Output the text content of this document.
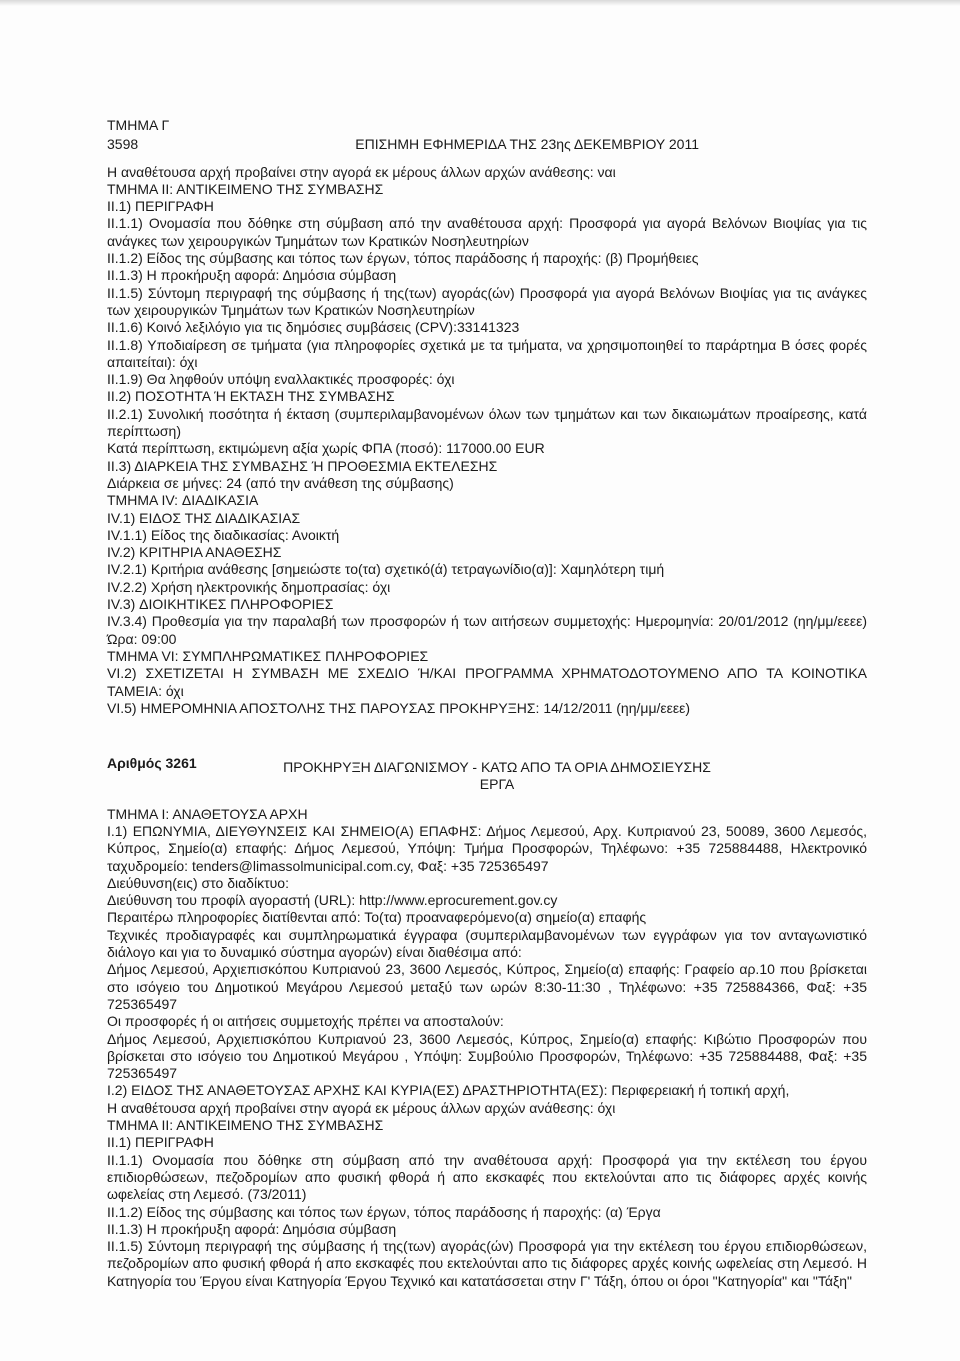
ΤΜΗΜΑ Γ
3598	ΕΠΙΣΗΜΗ ΕΦΗΜΕΡΙΔΑ ΤΗΣ 23ης ΔΕΚΕΜΒΡΙΟΥ 2011
Η αναθέτουσα αρχή προβαίνει στην αγορά εκ μέρους άλλων αρχών ανάθεσης: ναι
ΤΜΗΜΑ ΙΙ: ΑΝΤΙΚΕΙΜΕΝΟ ΤΗΣ ΣΥΜΒΑΣΗΣ
ΙΙ.1) ΠΕΡΙΓΡΑΦΗ
ΙΙ.1.1) Ονομασία που δόθηκε στη σύμβαση από την αναθέτουσα αρχή: Προσφορά για αγορά Βελόνων Βιοψίας για τις ανάγκες των χειρουργικών Τμημάτων των Κρατικών Νοσηλευτηρίων
ΙΙ.1.2) Είδος της σύμβασης και τόπος των έργων, τόπος παράδοσης ή παροχής: (β) Προμήθειες
ΙΙ.1.3) Η προκήρυξη αφορά: Δημόσια σύμβαση
ΙΙ.1.5) Σύντομη περιγραφή της σύμβασης ή της(των) αγοράς(ών) Προσφορά για αγορά Βελόνων Βιοψίας για τις ανάγκες των χειρουργικών Τμημάτων των Κρατικών Νοσηλευτηρίων
ΙΙ.1.6) Κοινό λεξιλόγιο για τις δημόσιες συμβάσεις (CPV):33141323
ΙΙ.1.8) Υποδιαίρεση σε τμήματα (για πληροφορίες σχετικά με τα τμήματα, να χρησιμοποιηθεί το παράρτημα Β όσες φορές απαιτείται): όχι
ΙΙ.1.9) Θα ληφθούν υπόψη εναλλακτικές προσφορές: όχι
ΙΙ.2) ΠΟΣΟΤΗΤΑ Ή ΕΚΤΑΣΗ ΤΗΣ ΣΥΜΒΑΣΗΣ
ΙΙ.2.1) Συνολική ποσότητα ή έκταση (συμπεριλαμβανομένων όλων των τμημάτων και των δικαιωμάτων προαίρεσης, κατά περίπτωση)
Κατά περίπτωση, εκτιμώμενη αξία χωρίς ΦΠΑ (ποσό): 117000.00 EUR
ΙΙ.3) ΔΙΑΡΚΕΙΑ ΤΗΣ ΣΥΜΒΑΣΗΣ Ή ΠΡΟΘΕΣΜΙΑ ΕΚΤΕΛΕΣΗΣ
Διάρκεια σε μήνες: 24 (από την ανάθεση της σύμβασης)
ΤΜΗΜΑ IV: ΔΙΑΔΙΚΑΣΙΑ
IV.1) ΕΙΔΟΣ ΤΗΣ ΔΙΑΔΙΚΑΣΙΑΣ
IV.1.1) Είδος της διαδικασίας: Ανοικτή
IV.2) ΚΡΙΤΗΡΙΑ ΑΝΑΘΕΣΗΣ
IV.2.1) Κριτήρια ανάθεσης [σημειώστε το(τα) σχετικό(ά) τετραγωνίδιο(α)]: Χαμηλότερη τιμή
IV.2.2) Χρήση ηλεκτρονικής δημοπρασίας: όχι
IV.3) ΔΙΟΙΚΗΤΙΚΕΣ ΠΛΗΡΟΦΟΡΙΕΣ
IV.3.4) Προθεσμία για την παραλαβή των προσφορών ή των αιτήσεων συμμετοχής: Ημερομηνία: 20/01/2012 (ηη/μμ/εεεε) Ώρα: 09:00
ΤΜΗΜΑ VI: ΣΥΜΠΛΗΡΩΜΑΤΙΚΕΣ ΠΛΗΡΟΦΟΡΙΕΣ
VI.2) ΣΧΕΤΙΖΕΤΑΙ Η ΣΥΜΒΑΣΗ ΜΕ ΣΧΕΔΙΟ Ή/ΚΑΙ ΠΡΟΓΡΑΜΜΑ ΧΡΗΜΑΤΟΔΟΤΟΥΜΕΝΟ ΑΠΟ ΤΑ ΚΟΙΝΟΤΙΚΑ ΤΑΜΕΙΑ: όχι
VI.5) ΗΜΕΡΟΜΗΝΙΑ ΑΠΟΣΤΟΛΗΣ ΤΗΣ ΠΑΡΟΥΣΑΣ ΠΡΟΚΗΡΥΞΗΣ: 14/12/2011 (ηη/μμ/εεεε)
Αριθμός 3261	ΠΡΟΚΗΡΥΞΗ ΔΙΑΓΩΝΙΣΜΟΥ - ΚΑΤΩ ΑΠΟ ΤΑ ΟΡΙΑ ΔΗΜΟΣΙΕΥΣΗΣ
ΕΡΓΑ
ΤΜΗΜΑ Ι: ΑΝΑΘΕΤΟΥΣΑ ΑΡΧΗ
Ι.1) ΕΠΩΝΥΜΙΑ, ΔΙΕΥΘΥΝΣΕΙΣ ΚΑΙ ΣΗΜΕΙΟ(Α) ΕΠΑΦΗΣ: Δήμος Λεμεσού, Αρχ. Κυπριανού 23, 50089, 3600 Λεμεσός, Κύπρος, Σημείο(α) επαφής: Δήμος Λεμεσού, Υπόψη: Τμήμα Προσφορών, Τηλέφωνο: +35 725884488, Ηλεκτρονικό ταχυδρομείο: tenders@limassolmunicipal.com.cy, Φαξ: +35 725365497
Διεύθυνση(εις) στο διαδίκτυο:
Διεύθυνση του προφίλ αγοραστή (URL): http://www.eprocurement.gov.cy
Περαιτέρω πληροφορίες διατίθενται από: Το(τα) προαναφερόμενο(α) σημείο(α) επαφής
Τεχνικές προδιαγραφές και συμπληρωματικά έγγραφα (συμπεριλαμβανομένων των εγγράφων για τον ανταγωνιστικό διάλογο και για το δυναμικό σύστημα αγορών) είναι διαθέσιμα από:
Δήμος Λεμεσού, Αρχιεπισκόπου Κυπριανού 23, 3600 Λεμεσός, Κύπρος, Σημείο(α) επαφής: Γραφείο αρ.10 που βρίσκεται στο ισόγειο του Δημοτικού Μεγάρου Λεμεσού μεταξύ των ωρών 8:30-11:30 , Τηλέφωνο: +35 725884366, Φαξ: +35 725365497
Οι προσφορές ή οι αιτήσεις συμμετοχής πρέπει να αποσταλούν:
Δήμος Λεμεσού, Αρχιεπισκόπου Κυπριανού 23, 3600 Λεμεσός, Κύπρος, Σημείο(α) επαφής: Κιβώτιο Προσφορών που βρίσκεται στο ισόγειο του Δημοτικού Μεγάρου , Υπόψη: Συμβούλιο Προσφορών, Τηλέφωνο: +35 725884488, Φαξ: +35 725365497
Ι.2) ΕΙΔΟΣ ΤΗΣ ΑΝΑΘΕΤΟΥΣΑΣ ΑΡΧΗΣ ΚΑΙ ΚΥΡΙΑ(ΕΣ) ΔΡΑΣΤΗΡΙΟΤΗΤΑ(ΕΣ): Περιφερειακή ή τοπική αρχή,
Η αναθέτουσα αρχή προβαίνει στην αγορά εκ μέρους άλλων αρχών ανάθεσης: όχι
ΤΜΗΜΑ ΙΙ: ΑΝΤΙΚΕΙΜΕΝΟ ΤΗΣ ΣΥΜΒΑΣΗΣ
ΙΙ.1) ΠΕΡΙΓΡΑΦΗ
ΙΙ.1.1) Ονομασία που δόθηκε στη σύμβαση από την αναθέτουσα αρχή: Προσφορά για την εκτέλεση του έργου επιδιορθώσεων, πεζοδρομίων απο φυσική φθορά ή απο εκσκαφές που εκτελούνται απο τις διάφορες αρχές κοινής ωφελείας στη Λεμεσό. (73/2011)
ΙΙ.1.2) Είδος της σύμβασης και τόπος των έργων, τόπος παράδοσης ή παροχής: (α) Έργα
ΙΙ.1.3) Η προκήρυξη αφορά: Δημόσια σύμβαση
ΙΙ.1.5) Σύντομη περιγραφή της σύμβασης ή της(των) αγοράς(ών) Προσφορά για την εκτέλεση του έργου επιδιορθώσεων, πεζοδρομίων απο φυσική φθορά ή απο εκσκαφές που εκτελούνται απο τις διάφορες αρχές κοινής ωφελείας στη Λεμεσό. Η Κατηγορία του Έργου είναι Κατηγορία Έργου Τεχνικό και κατατάσσεται στην Γ' Τάξη, όπου οι όροι "Κατηγορία" και "Τάξη"
